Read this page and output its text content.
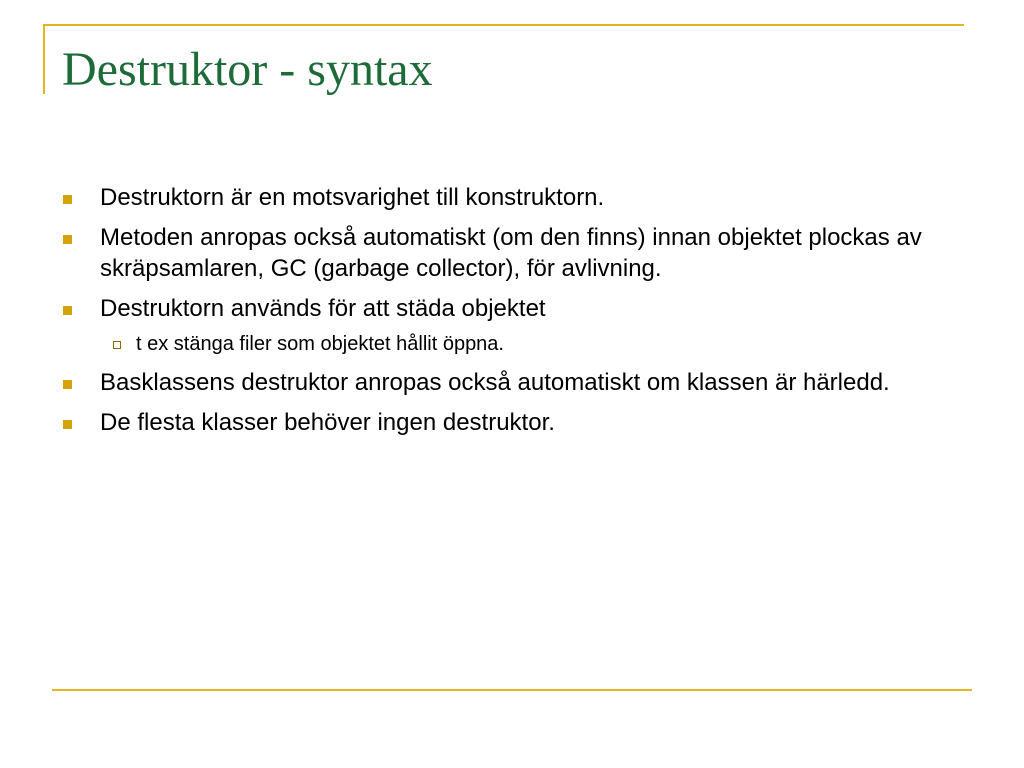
Destruktor - syntax
Destruktorn är en motsvarighet till konstruktorn.
Metoden anropas också automatiskt (om den finns) innan objektet plockas av skräpsamlaren, GC (garbage collector), för avlivning.
Destruktorn används för att städa objektet
t ex stänga filer som objektet hållit öppna.
Basklassens destruktor anropas också automatiskt om klassen är härledd.
De flesta klasser behöver ingen destruktor.
